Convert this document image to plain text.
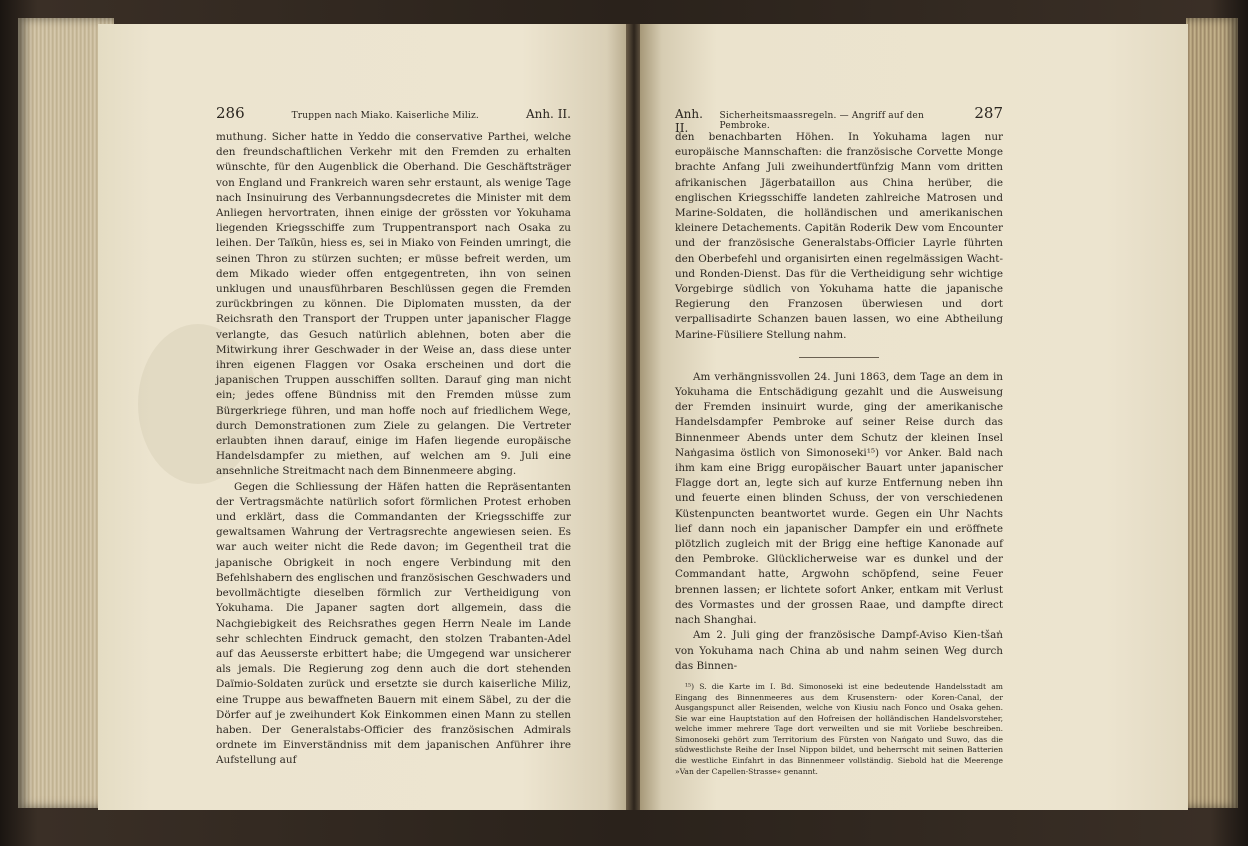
286	Truppen nach Miako. Kaiserliche Miliz.	Anh. II.

muthung. Sicher hatte in Yeddo die conservative Parthei, welche den freundschaftlichen Verkehr mit den Fremden zu erhalten wünschte, für den Augenblick die Oberhand. Die Geschäftsträger von England und Frankreich waren sehr erstaunt, als wenige Tage nach Insinuirung des Verbannungsdecretes die Minister mit dem Anliegen hervortraten, ihnen einige der grössten vor Yokuhama liegenden Kriegsschiffe zum Truppentransport nach Osaka zu leihen. Der Taïkūn, hiess es, sei in Miako von Feinden umringt, die seinen Thron zu stürzen suchten; er müsse befreit werden, um dem Mikado wieder offen entgegentreten, ihn von seinen unklugen und unausführbaren Beschlüssen gegen die Fremden zurückbringen zu können. Die Diplomaten mussten, da der Reichsrath den Transport der Truppen unter japanischer Flagge verlangte, das Gesuch natürlich ablehnen, boten aber die Mitwirkung ihrer Geschwader in der Weise an, dass diese unter ihren eigenen Flaggen vor Osaka erscheinen und dort die japanischen Truppen ausschiffen sollten. Darauf ging man nicht ein; jedes offene Bündniss mit den Fremden müsse zum Bürgerkriege führen, und man hoffe noch auf friedlichem Wege, durch Demonstrationen zum Ziele zu gelangen. Die Vertreter erlaubten ihnen darauf, einige im Hafen liegende europäische Handelsdampfer zu miethen, auf welchen am 9. Juli eine ansehnliche Streitmacht nach dem Binnenmeere abging.

Gegen die Schliessung der Häfen hatten die Repräsentanten der Vertragsmächte natürlich sofort förmlichen Protest erhoben und erklärt, dass die Commandanten der Kriegsschiffe zur gewaltsamen Wahrung der Vertragsrechte angewiesen seien. Es war auch weiter nicht die Rede davon; im Gegentheil trat die japanische Obrigkeit in noch engere Verbindung mit den Befehlshabern des englischen und französischen Geschwaders und bevollmächtigte dieselben förmlich zur Vertheidigung von Yokuhama. Die Japaner sagten dort allgemein, dass die Nachgiebigkeit des Reichsrathes gegen Herrn Neale im Lande sehr schlechten Eindruck gemacht, den stolzen Trabanten-Adel auf das Aeusserste erbittert habe; die Umgegend war unsicherer als jemals. Die Regierung zog denn auch die dort stehenden Daïmio-Soldaten zurück und ersetzte sie durch kaiserliche Miliz, eine Truppe aus bewaffneten Bauern mit einem Säbel, zu der die Dörfer auf je zweihundert Kok Einkommen einen Mann zu stellen haben. Der Generalstabs-Officier des französischen Admirals ordnete im Einverständniss mit dem japanischen Anführer ihre Aufstellung auf

Anh. II.
Sicherheitsmaassregeln. — Angriff auf den Pembroke.
287

den benachbarten Höhen. In Yokuhama lagen nur europäische Mannschaften: die französische Corvette Monge brachte Anfang Juli zweihundertfünfzig Mann vom dritten afrikanischen Jägerbataillon aus China herüber, die englischen Kriegsschiffe landeten zahlreiche Matrosen und Marine-Soldaten, die holländischen und amerikanischen kleinere Detachements. Capitän Roderik Dew vom Encounter und der französische Generalstabs-Officier Layrle führten den Oberbefehl und organisirten einen regelmässigen Wacht- und Ronden-Dienst. Das für die Vertheidigung sehr wichtige Vorgebirge südlich von Yokuhama hatte die japanische Regierung den Franzosen überwiesen und dort verpallisadirte Schanzen bauen lassen, wo eine Abtheilung Marine-Füsiliere Stellung nahm.

Am verhängnissvollen 24. Juni 1863, dem Tage an dem in Yokuhama die Entschädigung gezahlt und die Ausweisung der Fremden insinuirt wurde, ging der amerikanische Handelsdampfer Pembroke auf seiner Reise durch das Binnenmeer Abends unter dem Schutz der kleinen Insel Naṅgasima östlich von Simonoseki¹⁵) vor Anker. Bald nach ihm kam eine Brigg europäischer Bauart unter japanischer Flagge dort an, legte sich auf kurze Entfernung neben ihn und feuerte einen blinden Schuss, der von verschiedenen Küstenpuncten beantwortet wurde. Gegen ein Uhr Nachts lief dann noch ein japanischer Dampfer ein und eröffnete plötzlich zugleich mit der Brigg eine heftige Kanonade auf den Pembroke. Glücklicherweise war es dunkel und der Commandant hatte, Argwohn schöpfend, seine Feuer brennen lassen; er lichtete sofort Anker, entkam mit Verlust des Vormastes und der grossen Raae, und dampfte direct nach Shanghai.

Am 2. Juli ging der französische Dampf-Aviso Kien-tšaṅ von Yokuhama nach China ab und nahm seinen Weg durch das Binnen-

¹⁵) S. die Karte im I. Bd. Simonoseki ist eine bedeutende Handelsstadt am Eingang des Binnenmeeres aus dem Krusenstern- oder Koren-Canal, der Ausgangspunct aller Reisenden, welche von Kiusiu nach Fonco und Osaka gehen. Sie war eine Hauptstation auf den Hofreisen der holländischen Handelsvorsteher, welche immer mehrere Tage dort verweilten und sie mit Vorliebe beschreiben. Simonoseki gehört zum Territorium des Fürsten von Naṅgato und Suwo, das die südwestlichste Reihe der Insel Nippon bildet, und beherrscht mit seinen Batterien die westliche Einfahrt in das Binnenmeer vollständig. Siebold hat die Meerenge »Van der Capellen-Strasse« genannt.
